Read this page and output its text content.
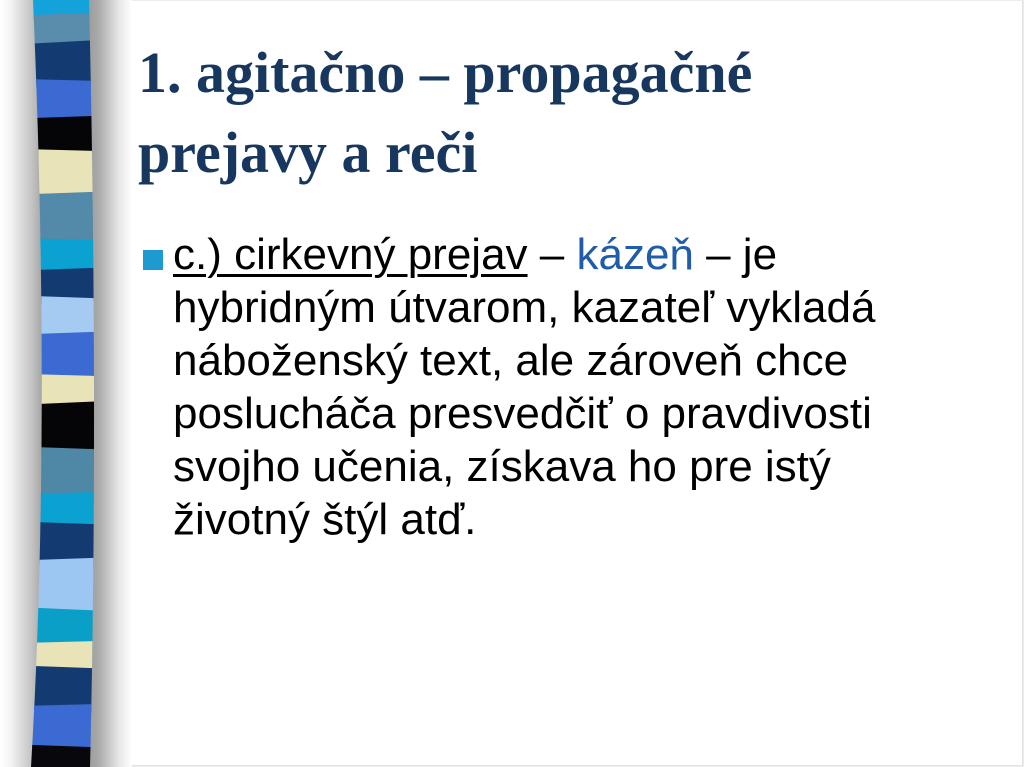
1. agitačno – propagačné
prejavy a reči
c.) cirkevný prejav – kázeň – je
hybridným útvarom, kazateľ vykladá
náboženský text, ale zároveň chce
poslucháča presvedčiť o pravdivosti
svojho učenia, získava ho pre istý
životný štýl atď.
